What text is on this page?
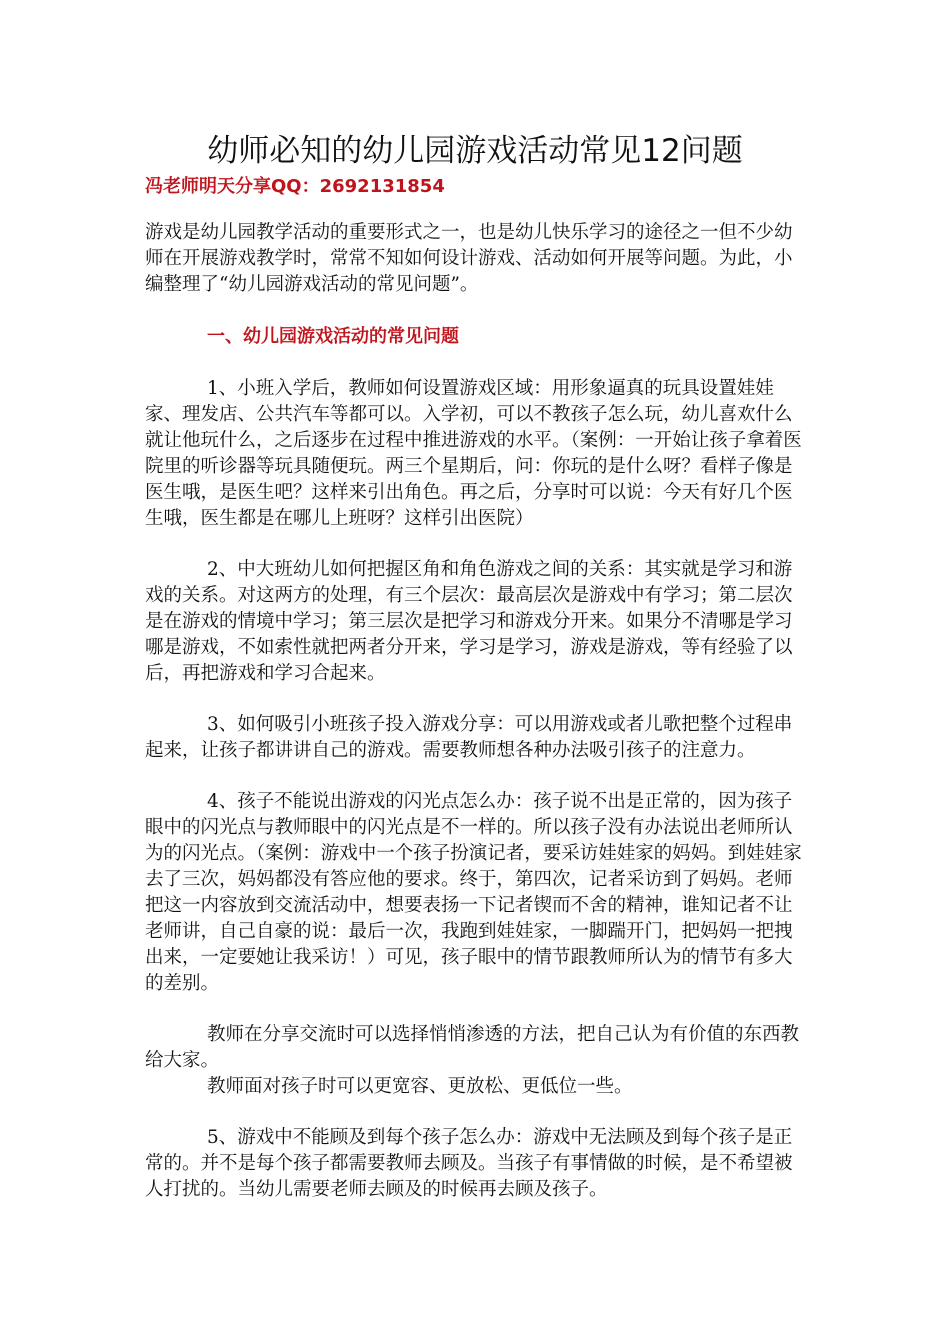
幼师必知的幼儿园游戏活动常见12问题
冯老师明天分享QQ：2692131854

游戏是幼儿园教学活动的重要形式之一，也是幼儿快乐学习的途径之一但不少幼师在开展游戏教学时，常常不知如何设计游戏、活动如何开展等问题。为此，小编整理了“幼儿园游戏活动的常见问题”。

一、幼儿园游戏活动的常见问题

1、小班入学后，教师如何设置游戏区域：用形象逼真的玩具设置娃娃家、理发店、公共汽车等都可以。入学初，可以不教孩子怎么玩，幼儿喜欢什么就让他玩什么，之后逐步在过程中推进游戏的水平。（案例：一开始让孩子拿着医院里的听诊器等玩具随便玩。两三个星期后，问：你玩的是什么呀？看样子像是医生哦，是医生吧？这样来引出角色。再之后，分享时可以说：今天有好几个医生哦，医生都是在哪儿上班呀？这样引出医院）

2、中大班幼儿如何把握区角和角色游戏之间的关系：其实就是学习和游戏的关系。对这两方的处理，有三个层次：最高层次是游戏中有学习；第二层次是在游戏的情境中学习；第三层次是把学习和游戏分开来。如果分不清哪是学习哪是游戏，不如索性就把两者分开来，学习是学习，游戏是游戏，等有经验了以后，再把游戏和学习合起来。

3、如何吸引小班孩子投入游戏分享：可以用游戏或者儿歌把整个过程串起来，让孩子都讲讲自己的游戏。需要教师想各种办法吸引孩子的注意力。

4、孩子不能说出游戏的闪光点怎么办：孩子说不出是正常的，因为孩子眼中的闪光点与教师眼中的闪光点是不一样的。所以孩子没有办法说出老师所认为的闪光点。（案例：游戏中一个孩子扮演记者，要采访娃娃家的妈妈。到娃娃家去了三次，妈妈都没有答应他的要求。终于，第四次，记者采访到了妈妈。老师把这一内容放到交流活动中，想要表扬一下记者锲而不舍的精神，谁知记者不让老师讲，自己自豪的说：最后一次，我跑到娃娃家，一脚踹开门，把妈妈一把拽出来，一定要她让我采访！）可见，孩子眼中的情节跟教师所认为的情节有多大的差别。

教师在分享交流时可以选择悄悄渗透的方法，把自己认为有价值的东西教给大家。

教师面对孩子时可以更宽容、更放松、更低位一些。

5、游戏中不能顾及到每个孩子怎么办：游戏中无法顾及到每个孩子是正常的。并不是每个孩子都需要教师去顾及。当孩子有事情做的时候，是不希望被人打扰的。当幼儿需要老师去顾及的时候再去顾及孩子。
